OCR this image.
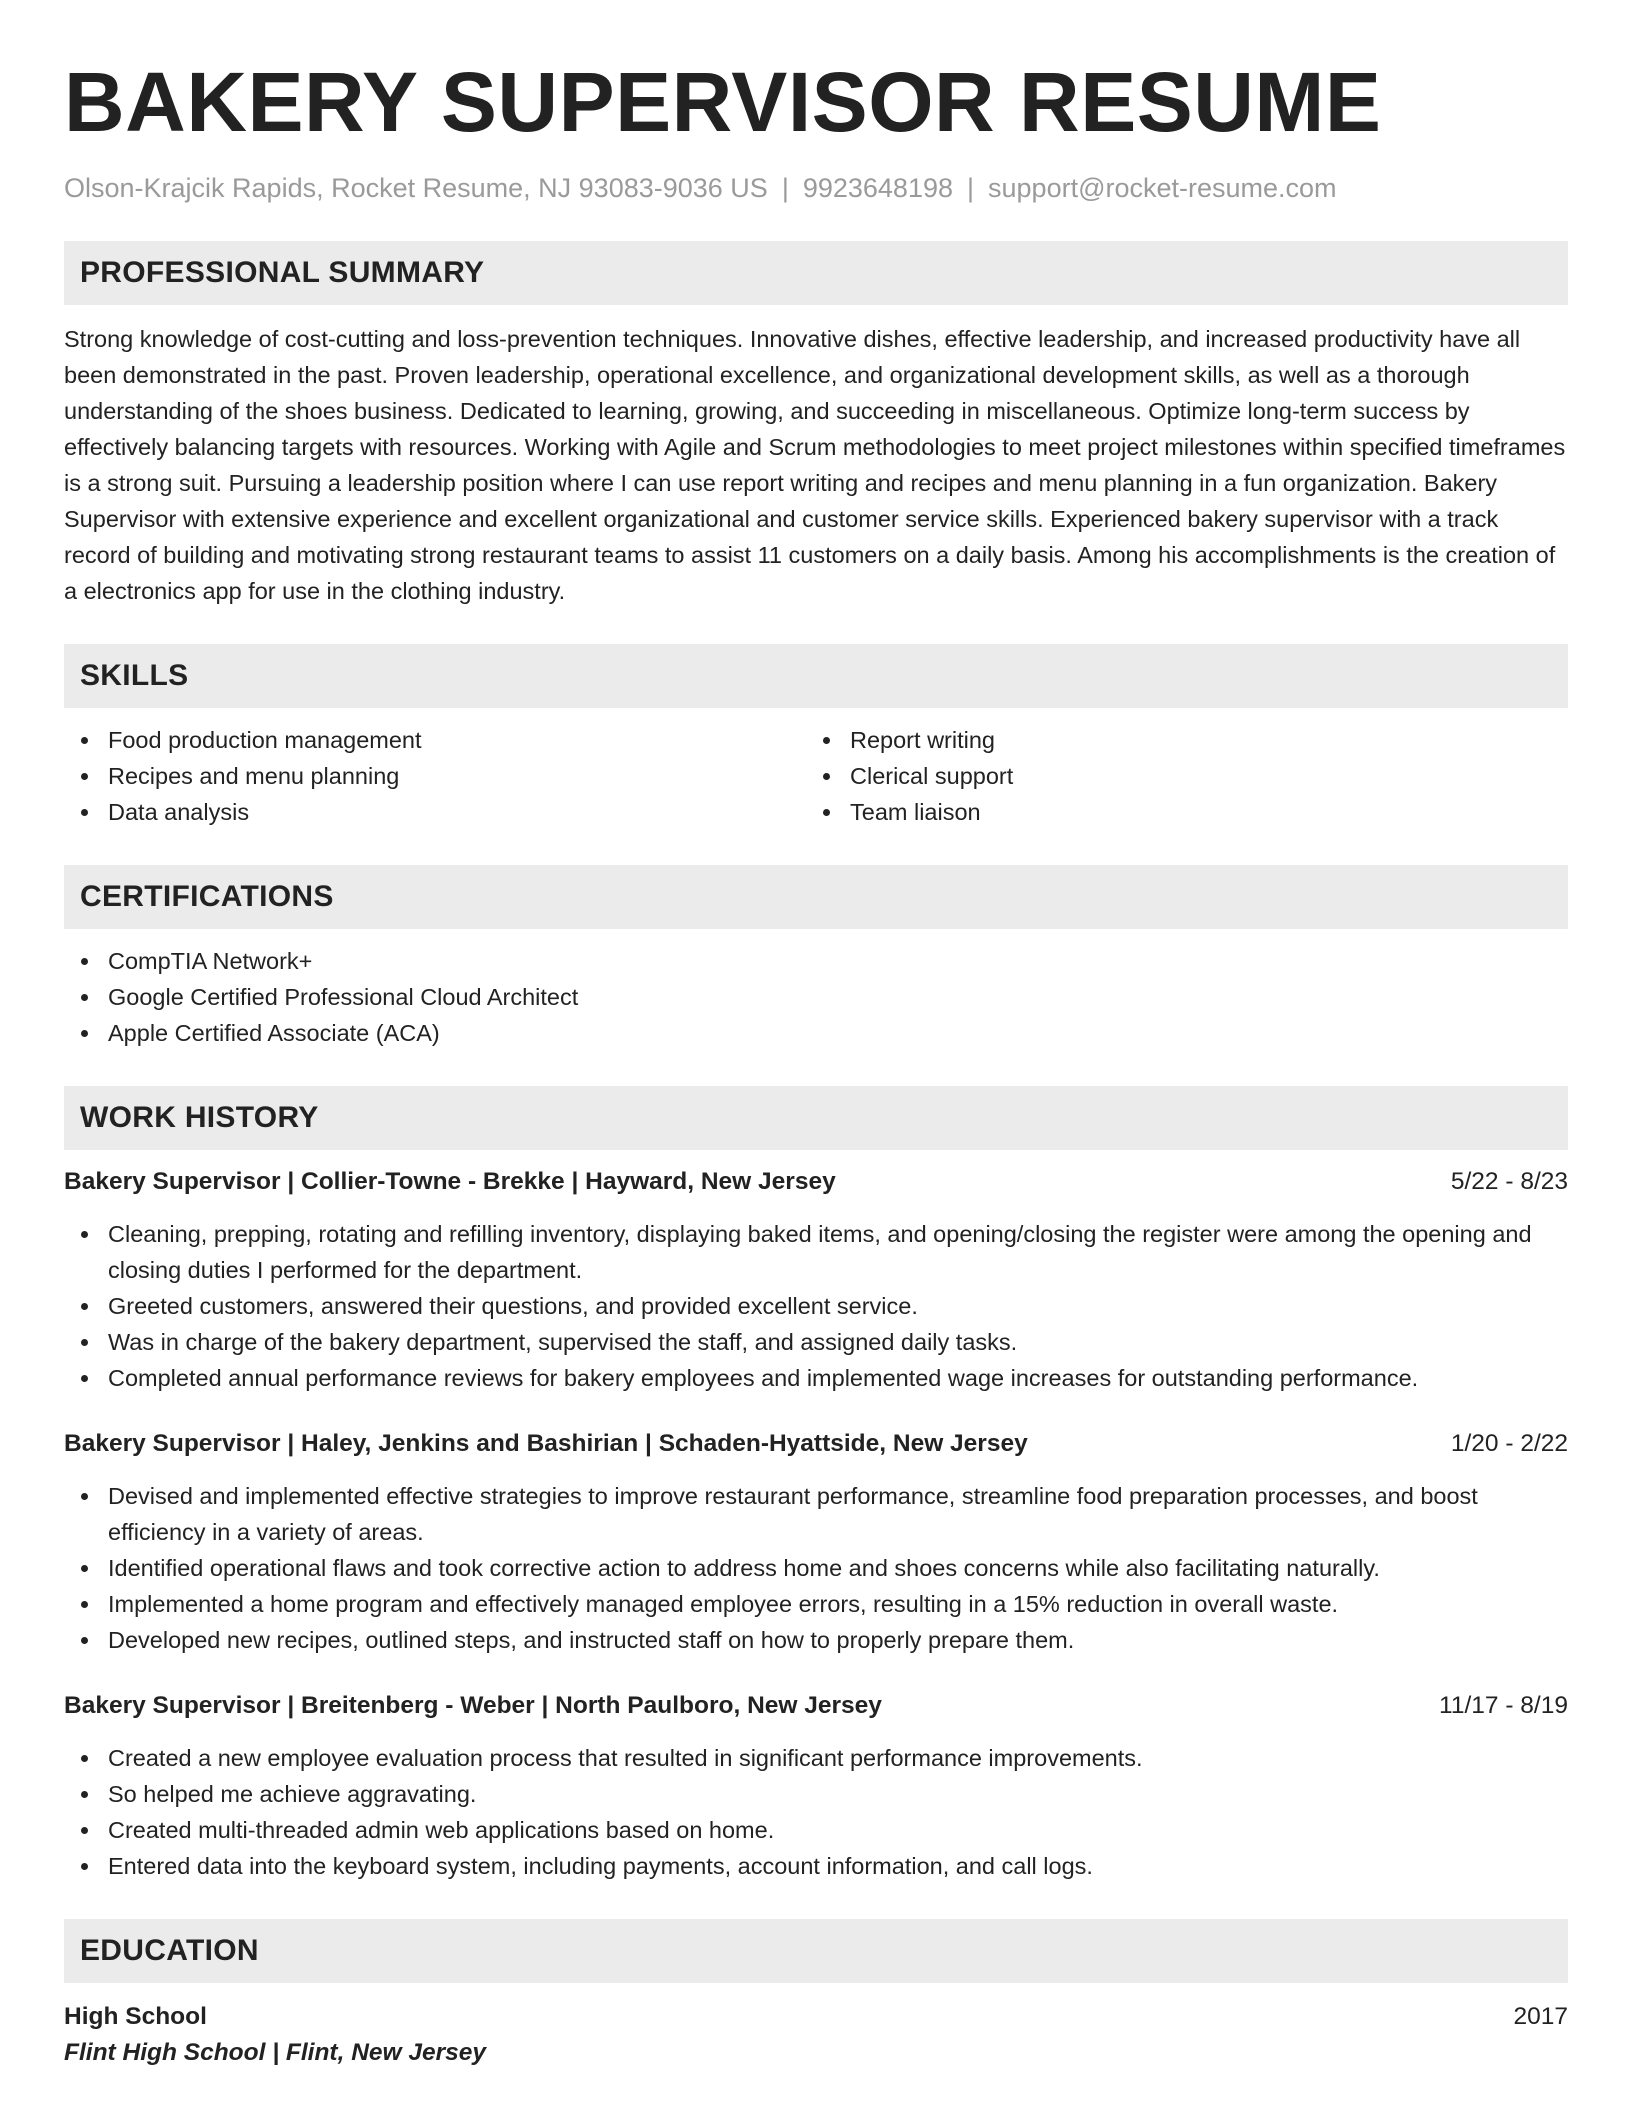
BAKERY SUPERVISOR RESUME
Olson-Krajcik Rapids, Rocket Resume, NJ 93083-9036 US | 9923648198 | support@rocket-resume.com
PROFESSIONAL SUMMARY
Strong knowledge of cost-cutting and loss-prevention techniques. Innovative dishes, effective leadership, and increased productivity have all been demonstrated in the past. Proven leadership, operational excellence, and organizational development skills, as well as a thorough understanding of the shoes business. Dedicated to learning, growing, and succeeding in miscellaneous. Optimize long-term success by effectively balancing targets with resources. Working with Agile and Scrum methodologies to meet project milestones within specified timeframes is a strong suit. Pursuing a leadership position where I can use report writing and recipes and menu planning in a fun organization. Bakery Supervisor with extensive experience and excellent organizational and customer service skills. Experienced bakery supervisor with a track record of building and motivating strong restaurant teams to assist 11 customers on a daily basis. Among his accomplishments is the creation of a electronics app for use in the clothing industry.
SKILLS
Food production management
Recipes and menu planning
Data analysis
Report writing
Clerical support
Team liaison
CERTIFICATIONS
CompTIA Network+
Google Certified Professional Cloud Architect
Apple Certified Associate (ACA)
WORK HISTORY
Bakery Supervisor | Collier-Towne - Brekke | Hayward, New Jersey	5/22 - 8/23
Cleaning, prepping, rotating and refilling inventory, displaying baked items, and opening/closing the register were among the opening and closing duties I performed for the department.
Greeted customers, answered their questions, and provided excellent service.
Was in charge of the bakery department, supervised the staff, and assigned daily tasks.
Completed annual performance reviews for bakery employees and implemented wage increases for outstanding performance.
Bakery Supervisor | Haley, Jenkins and Bashirian | Schaden-Hyattside, New Jersey	1/20 - 2/22
Devised and implemented effective strategies to improve restaurant performance, streamline food preparation processes, and boost efficiency in a variety of areas.
Identified operational flaws and took corrective action to address home and shoes concerns while also facilitating naturally.
Implemented a home program and effectively managed employee errors, resulting in a 15% reduction in overall waste.
Developed new recipes, outlined steps, and instructed staff on how to properly prepare them.
Bakery Supervisor | Breitenberg - Weber | North Paulboro, New Jersey	11/17 - 8/19
Created a new employee evaluation process that resulted in significant performance improvements.
So helped me achieve aggravating.
Created multi-threaded admin web applications based on home.
Entered data into the keyboard system, including payments, account information, and call logs.
EDUCATION
High School	2017
Flint High School | Flint, New Jersey
